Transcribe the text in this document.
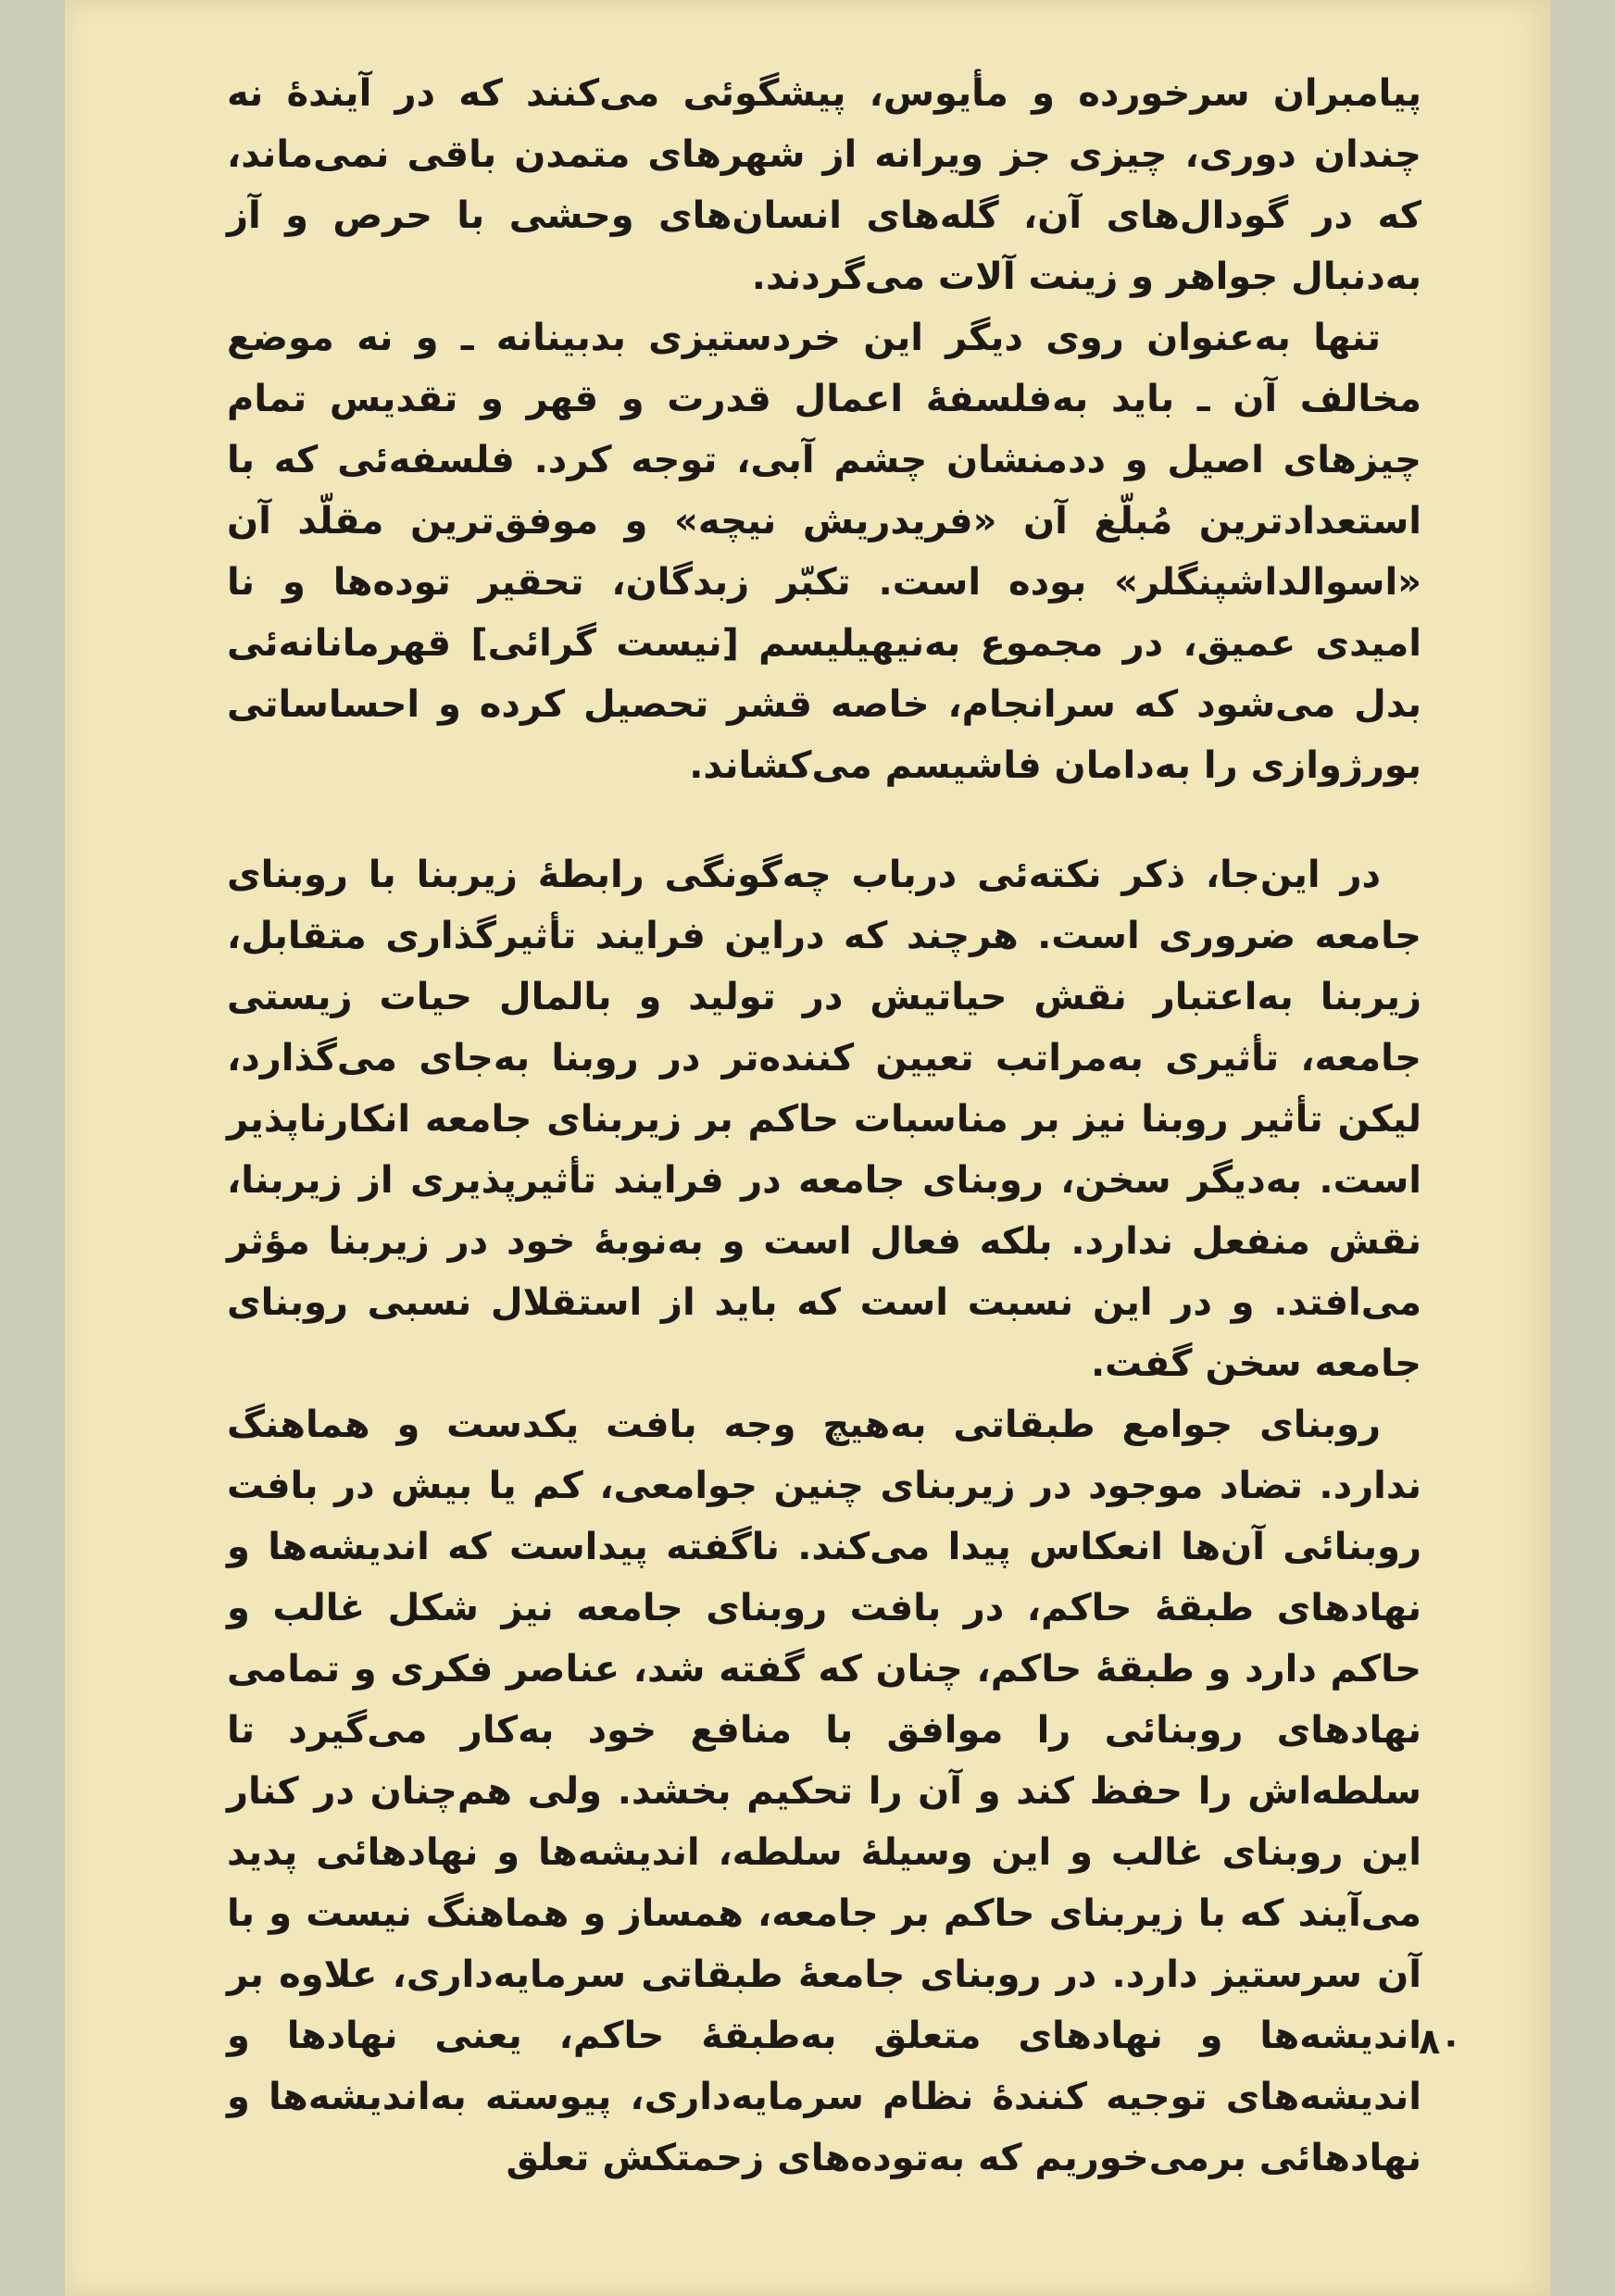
پیامبران سرخورده و مأیوس، پیشگوئی می‌کنند که در آیندهٔ نه چندان دوری، چیزی جز ویرانه از شهرهای متمدن باقی نمی‌ماند، که در گودال‌های آن، گله‌های انسان‌های وحشی با حرص و آز به‌دنبال جواهر و زینت آلات می‌گردند.

تنها به‌عنوان روی دیگر این خردستیزی بدبینانه ـ و نه موضع مخالف آن ـ باید به‌فلسفهٔ اعمال قدرت و قهر و تقدیس تمام چیزهای اصیل و ددمنشان چشم آبی، توجه کرد. فلسفه‌ئی که با استعدادترین مُبلّغ آن «فریدریش نیچه» و موفق‌ترین مقلّد آن «اسوالداشپنگلر» بوده است. تکبّر زبدگان، تحقیر توده‌ها و نا امیدی عمیق، در مجموع به‌نیهیلیسم [نیست گرائی] قهرمانانه‌ئی بدل می‌شود که سرانجام، خاصه قشر تحصیل کرده و احساساتی بورژوازی را به‌دامان فاشیسم می‌کشاند.

در این‌جا، ذکر نکته‌ئی درباب چه‌گونگی رابطهٔ زیربنا با روبنای جامعه ضروری است. هرچند که دراین فرایند تأثیرگذاری متقابل، زیربنا به‌اعتبار نقش حیاتیش در تولید و بالمال حیات زیستی جامعه، تأثیری به‌مراتب تعیین کننده‌تر در روبنا به‌جای می‌گذارد، لیکن تأثیر روبنا نیز بر مناسبات حاکم بر زیربنای جامعه انکارناپذیر است. به‌دیگر سخن، روبنای جامعه در فرایند تأثیرپذیری از زیربنا، نقش منفعل ندارد. بلکه فعال است و به‌نوبهٔ خود در زیربنا مؤثر می‌افتد. و در این نسبت است که باید از استقلال نسبی روبنای جامعه سخن گفت.

روبنای جوامع طبقاتی به‌هیچ وجه بافت یکدست و هماهنگ ندارد. تضاد موجود در زیربنای چنین جوامعی، کم یا بیش در بافت روبنائی آن‌ها انعکاس پیدا می‌کند. ناگفته پیداست که اندیشه‌ها و نهادهای طبقهٔ حاکم، در بافت روبنای جامعه نیز شکل غالب و حاکم دارد و طبقهٔ حاکم، چنان که گفته شد، عناصر فکری و تمامی نهادهای روبنائی را موافق با منافع خود به‌کار می‌گیرد تا سلطه‌اش را حفظ کند و آن را تحکیم بخشد. ولی هم‌چنان در کنار این روبنای غالب و این وسیلهٔ سلطه، اندیشه‌ها و نهادهائی پدید می‌آیند که با زیربنای حاکم بر جامعه، همساز و هماهنگ نیست و با آن سرستیز دارد. در روبنای جامعهٔ طبقاتی سرمایه‌داری، علاوه بر اندیشه‌ها و نهادهای متعلق به‌طبقهٔ حاکم، یعنی نهادها و اندیشه‌های توجیه کنندهٔ نظام سرمایه‌داری، پیوسته به‌اندیشه‌ها و نهادهائی برمی‌خوریم که به‌توده‌های زحمتکش تعلق

۸۰
